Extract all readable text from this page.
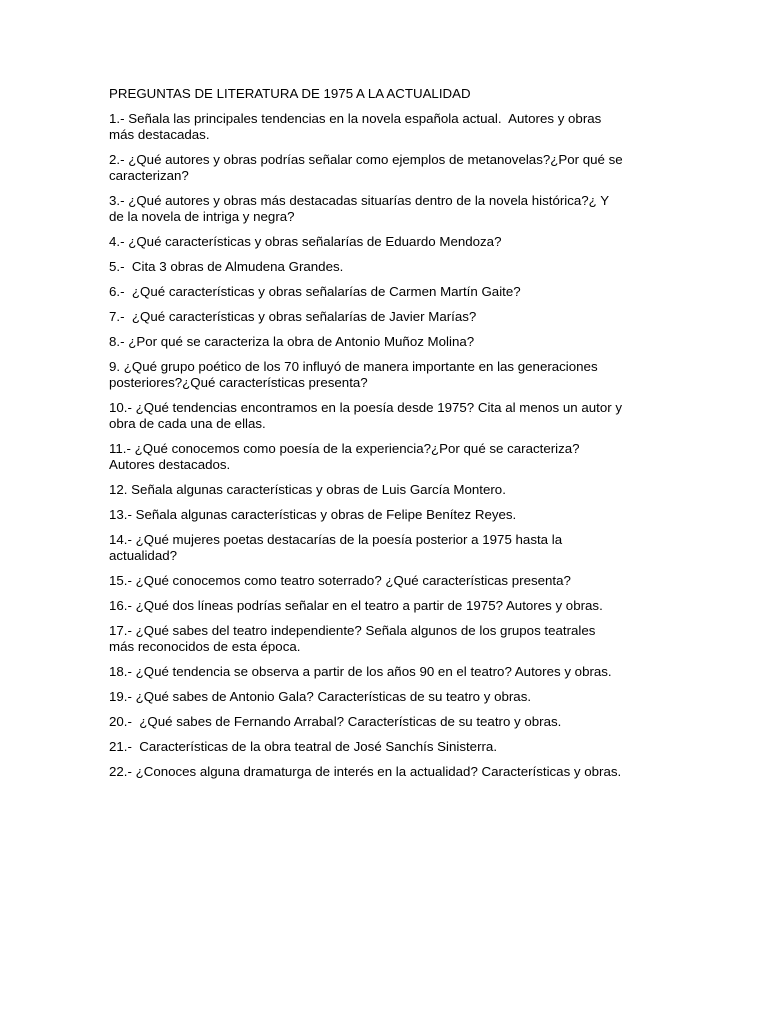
PREGUNTAS DE LITERATURA DE 1975 A LA ACTUALIDAD
1.- Señala las principales tendencias en la novela española actual.  Autores y obras
más destacadas.
2.- ¿Qué autores y obras podrías señalar como ejemplos de metanovelas?¿Por qué se
caracterizan?
3.- ¿Qué autores y obras más destacadas situarías dentro de la novela histórica?¿ Y
de la novela de intriga y negra?
4.- ¿Qué características y obras señalarías de Eduardo Mendoza?
5.-  Cita 3 obras de Almudena Grandes.
6.-  ¿Qué características y obras señalarías de Carmen Martín Gaite?
7.-  ¿Qué características y obras señalarías de Javier Marías?
8.- ¿Por qué se caracteriza la obra de Antonio Muñoz Molina?
9. ¿Qué grupo poético de los 70 influyó de manera importante en las generaciones
posteriores?¿Qué características presenta?
10.- ¿Qué tendencias encontramos en la poesía desde 1975? Cita al menos un autor y
obra de cada una de ellas.
11.- ¿Qué conocemos como poesía de la experiencia?¿Por qué se caracteriza?
Autores destacados.
12. Señala algunas características y obras de Luis García Montero.
13.- Señala algunas características y obras de Felipe Benítez Reyes.
14.- ¿Qué mujeres poetas destacarías de la poesía posterior a 1975 hasta la
actualidad?
15.- ¿Qué conocemos como teatro soterrado? ¿Qué características presenta?
16.- ¿Qué dos líneas podrías señalar en el teatro a partir de 1975? Autores y obras.
17.- ¿Qué sabes del teatro independiente? Señala algunos de los grupos teatrales
más reconocidos de esta época.
18.- ¿Qué tendencia se observa a partir de los años 90 en el teatro? Autores y obras.
19.- ¿Qué sabes de Antonio Gala? Características de su teatro y obras.
20.-  ¿Qué sabes de Fernando Arrabal? Características de su teatro y obras.
21.-  Características de la obra teatral de José Sanchís Sinisterra.
22.- ¿Conoces alguna dramaturga de interés en la actualidad? Características y obras.
